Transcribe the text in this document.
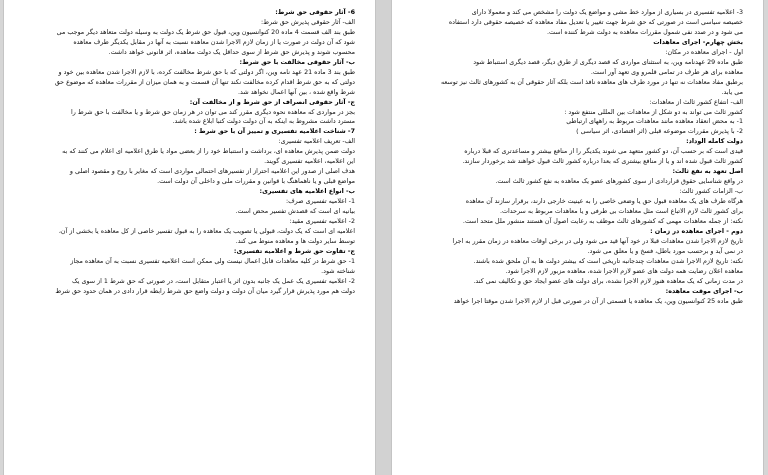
6- آثار حقوقی حق شرط:
الف- آثار حقوقی پذیرش حق شرط:
طبق بند الف قسمت 4 ماده 20 کنوانسیون وین، قبول حق شرط یک دولت به وسیله دولت متعاهد دیگر موجب می
شود که آن دولت در صورت یا از زمان لازم الاجرا شدن معاهده نسبت به آنها در مقابل یکدیگر طرف معاهده
محسوب شوند و پذیرش حق شرط از سوی حداقل یک دولت معاهده، اثر قانونی خواهد داشت.
ب- آثار حقوقی مخالفت با حق شرط:
طبق بند 3 ماده 21 عهد نامه وین، اگر دولتی که با حق شرط مخالفت کرده، با لازم الاجرا شدن معاهده بین خود و
دولتی که به حق شرط اقدام کرده مخالفت نکند تنها آن قسمت و به همان میزان از مقررات معاهده که موضوع حق
شرط واقع شده ، بین آنها اعمال نخواهد شد.
ج- آثار حقوقی انصراف از حق شرط و از مخالفت آن:
بجز در مواردی که معاهده نحوه دیگری مقرر کند می توان در هر زمان حق شرط و یا مخالفت با حق شرط را
مسترد داشت مشروط به اینکه به آن دولت دولت کتبا ابلاغ شده باشد.
7- شناخت اعلامیه تفسیری و تمییز آن با حق شرط :
الف- تعریف اعلامیه تفسیری:
دولت ضمن پذیرش معاهده ای، برداشت و استنباط خود را از بعضی مواد یا طرق اعلامیه ای اعلام می کنند که به
این اعلامیه، اعلامیه تفسیری گویند.
هدف اصلی از صدور این اعلامیه احتراز از تفسیرهای احتمالی مواردی است که مغایر با روح و مقصود اصلی و
مواضع قبلی و یا ناهماهنگ با قوانین و مقررات ملی و داخلی آن دولت است.
ب- انواع اعلامیه های تفسیری:
1- اعلامیه تفسیری صرف:
بیانیه ای است که قصدش تفسیر محض است.
2- اعلامیه تفسیری مقید:
اعلامیه ای است که یک دولت، قبولی یا تصویب یک معاهده را به قبول تفسیر خاصی از کل معاهده یا بخشی از آن،
توسط سایر دولت ها و معاهده منوط می کند.
ج- تفاوت حق شرط و اعلامیه تفسیری:
1- حق شرط در کلیه معاهدات قابل اعمال نیست ولی ممکن است اعلامیه تفسیری نسبت به آن معاهده مجاز
شناخته شود.
2- اعلامیه تفسیری یک عمل یک جانبه بدون اثر یا اعتبار متقابل است، در صورتی که حق شرط 1 از سوی یک
دولت هم مورد پذیرش قرار گیرد میان آن دولت و دولت واضع حق شرط رابطه قرار دادی در همان حدود حق شرط
3- اعلامیه تفسیری در بسیاری از موارد خط مشی و مواضع یک دولت را مشخص می کند و معمولا دارای
خصیصه سیاسی است در صورتی که حق شرط جهت تغییر یا تعدیل مفاد معاهده که خصیصه حقوقی دارد استفاده
می شود و در صدد نفی شمول مقررات معاهده به دولت شرط کننده است.
بخش چهارم- اجرای معاهدات
اول - اجرای معاهده در مکان:
طبق ماده 29 عهدنامه وین، به استثنای مواردی که قصد دیگری از طرق دیگر، قصد دیگری استنباط شود
معاهده برای هر طرف در تمامی قلمرو وی تعهد آور است.
برطبق مفاد معاهدات نه تنها در مورد طرف های معاهده نافذ است بلکه آثار حقوقی آن به کشورهای ثالث نیز توسعه
می یابد.
الف- انتفاع کشور ثالث از معاهدات:
کشور ثالث می تواند به دو شکل از معاهدات بین المللی منتفع شود :
1- به محض انعقاد معاهده مانند معاهدات مربوط به راههای ارتباطی
2- با پذیرش مقررات موضوعه قبلی (اثر اقتصادی، اثر سیاسی )
دولت کامله الوداد:
قیدی است که بر حسب آن، دو کشور متعهد می شوند یکدیگر را از منافع بیشتر و مساعدتری که قبلا درباره
کشور ثالث قبول شده اند و یا از منافع بیشتری که بعدا درباره کشور ثالث قبول خواهند شد برخوردار سازند.
اصل تعهد به نفع ثالث:
در واقع شناسایی حقوق قراردادی از سوی کشورهای عضو یک معاهده به نفع کشور ثالث است.
ب- الزامات کشور ثالث:
هرگاه طرف های یک معاهده قبول حق یا وضعی خاصی را به عینیت خارجی دارند، برقرار سازند آن معاهده
برای کشور ثالث لازم الاتباع است مثل معاهدات بی طرفی و یا معاهدات مربوط به سرحدات.
نکته: از جمله معاهدات مهمی که کشورهای ثالث موظف به رعایت اصول آن هستند منشور ملل متحد است.
دوم - اجرای معاهده در زمان :
تاریخ لازم الاجرا شدن معاهدات قبلا در خود آنها قید می شود ولی در برخی اوقات معاهده در زمان مقرر به اجرا
در نمی آید و برحسب مورد باطل، فسخ و یا معلق می شود.
نکته: تاریخ لازم الاجرا شدن معاهدات چندجانبه تاریخی است که بیشتر دولت ها به آن ملحق شده باشند.
معاهده اعلان رضایت همه دولت های عضو لازم الاجرا شده، معاهده مزبور لازم الاجرا شود.
در مدت زمانی که یک معاهده هنوز لازم الاجرا نشده، برای دولت های عضو ایجاد حق و تکالیف نمی کند.
ب- اجرای موقت معاهده:
طبق ماده 25 کنوانسیون وین، یک معاهده یا قسمتی از آن در صورتی قبل از لازم الاجرا شدن موقتا اجرا خواهد
